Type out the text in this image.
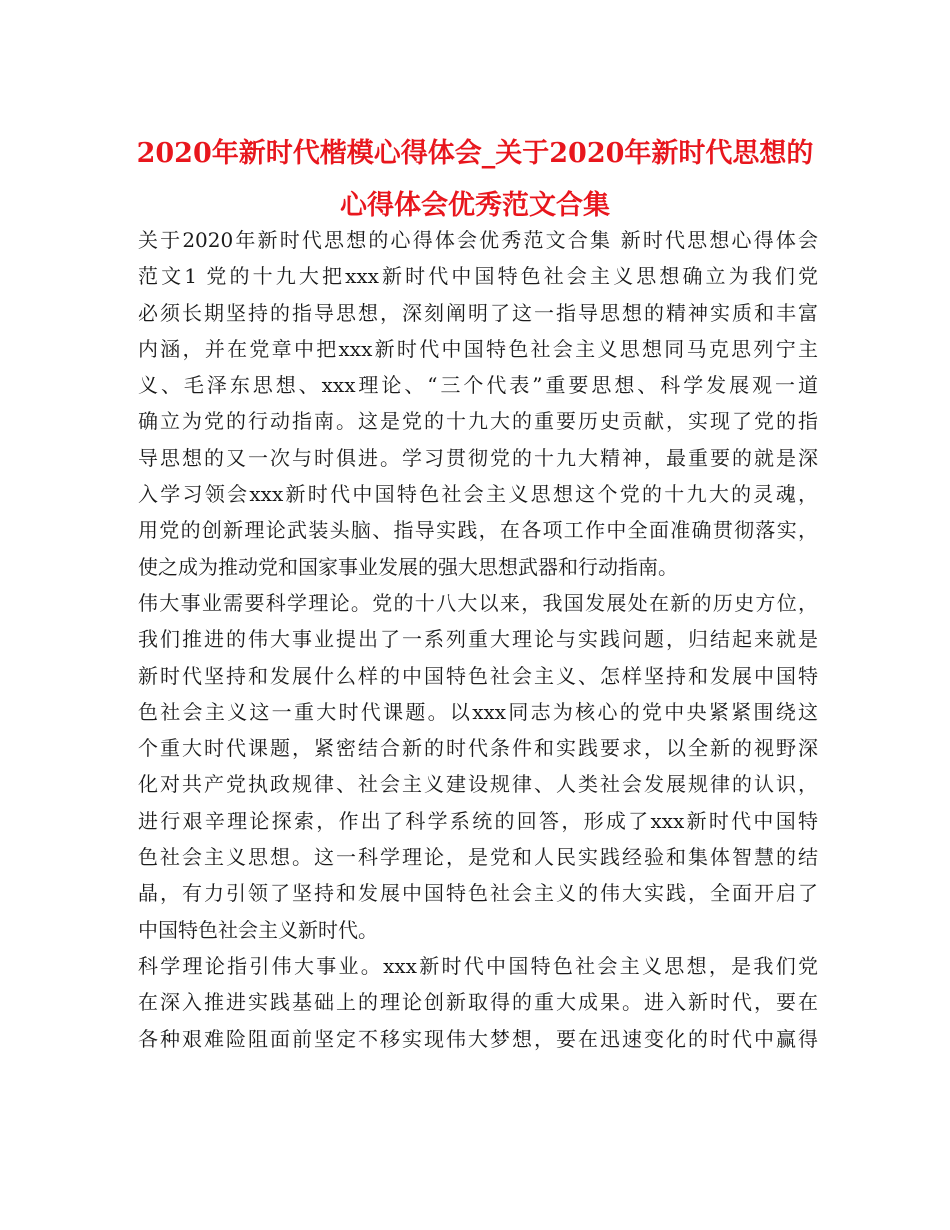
2020年新时代楷模心得体会_关于2020年新时代思想的
心得体会优秀范文合集
关于2020年新时代思想的心得体会优秀范文合集 新时代思想心得体会
范文1 党的十九大把xxx新时代中国特色社会主义思想确立为我们党
必须长期坚持的指导思想，深刻阐明了这一指导思想的精神实质和丰富
内涵，并在党章中把xxx新时代中国特色社会主义思想同马克思列宁主
义、毛泽东思想、xxx理论、“三个代表”重要思想、科学发展观一道
确立为党的行动指南。这是党的十九大的重要历史贡献，实现了党的指
导思想的又一次与时俱进。学习贯彻党的十九大精神，最重要的就是深
入学习领会xxx新时代中国特色社会主义思想这个党的十九大的灵魂，
用党的创新理论武装头脑、指导实践，在各项工作中全面准确贯彻落实，
使之成为推动党和国家事业发展的强大思想武器和行动指南。
伟大事业需要科学理论。党的十八大以来，我国发展处在新的历史方位，
我们推进的伟大事业提出了一系列重大理论与实践问题，归结起来就是
新时代坚持和发展什么样的中国特色社会主义、怎样坚持和发展中国特
色社会主义这一重大时代课题。以xxx同志为核心的党中央紧紧围绕这
个重大时代课题，紧密结合新的时代条件和实践要求，以全新的视野深
化对共产党执政规律、社会主义建设规律、人类社会发展规律的认识，
进行艰辛理论探索，作出了科学系统的回答，形成了xxx新时代中国特
色社会主义思想。这一科学理论，是党和人民实践经验和集体智慧的结
晶，有力引领了坚持和发展中国特色社会主义的伟大实践，全面开启了
中国特色社会主义新时代。
科学理论指引伟大事业。xxx新时代中国特色社会主义思想，是我们党
在深入推进实践基础上的理论创新取得的重大成果。进入新时代，要在
各种艰难险阻面前坚定不移实现伟大梦想，要在迅速变化的时代中赢得
